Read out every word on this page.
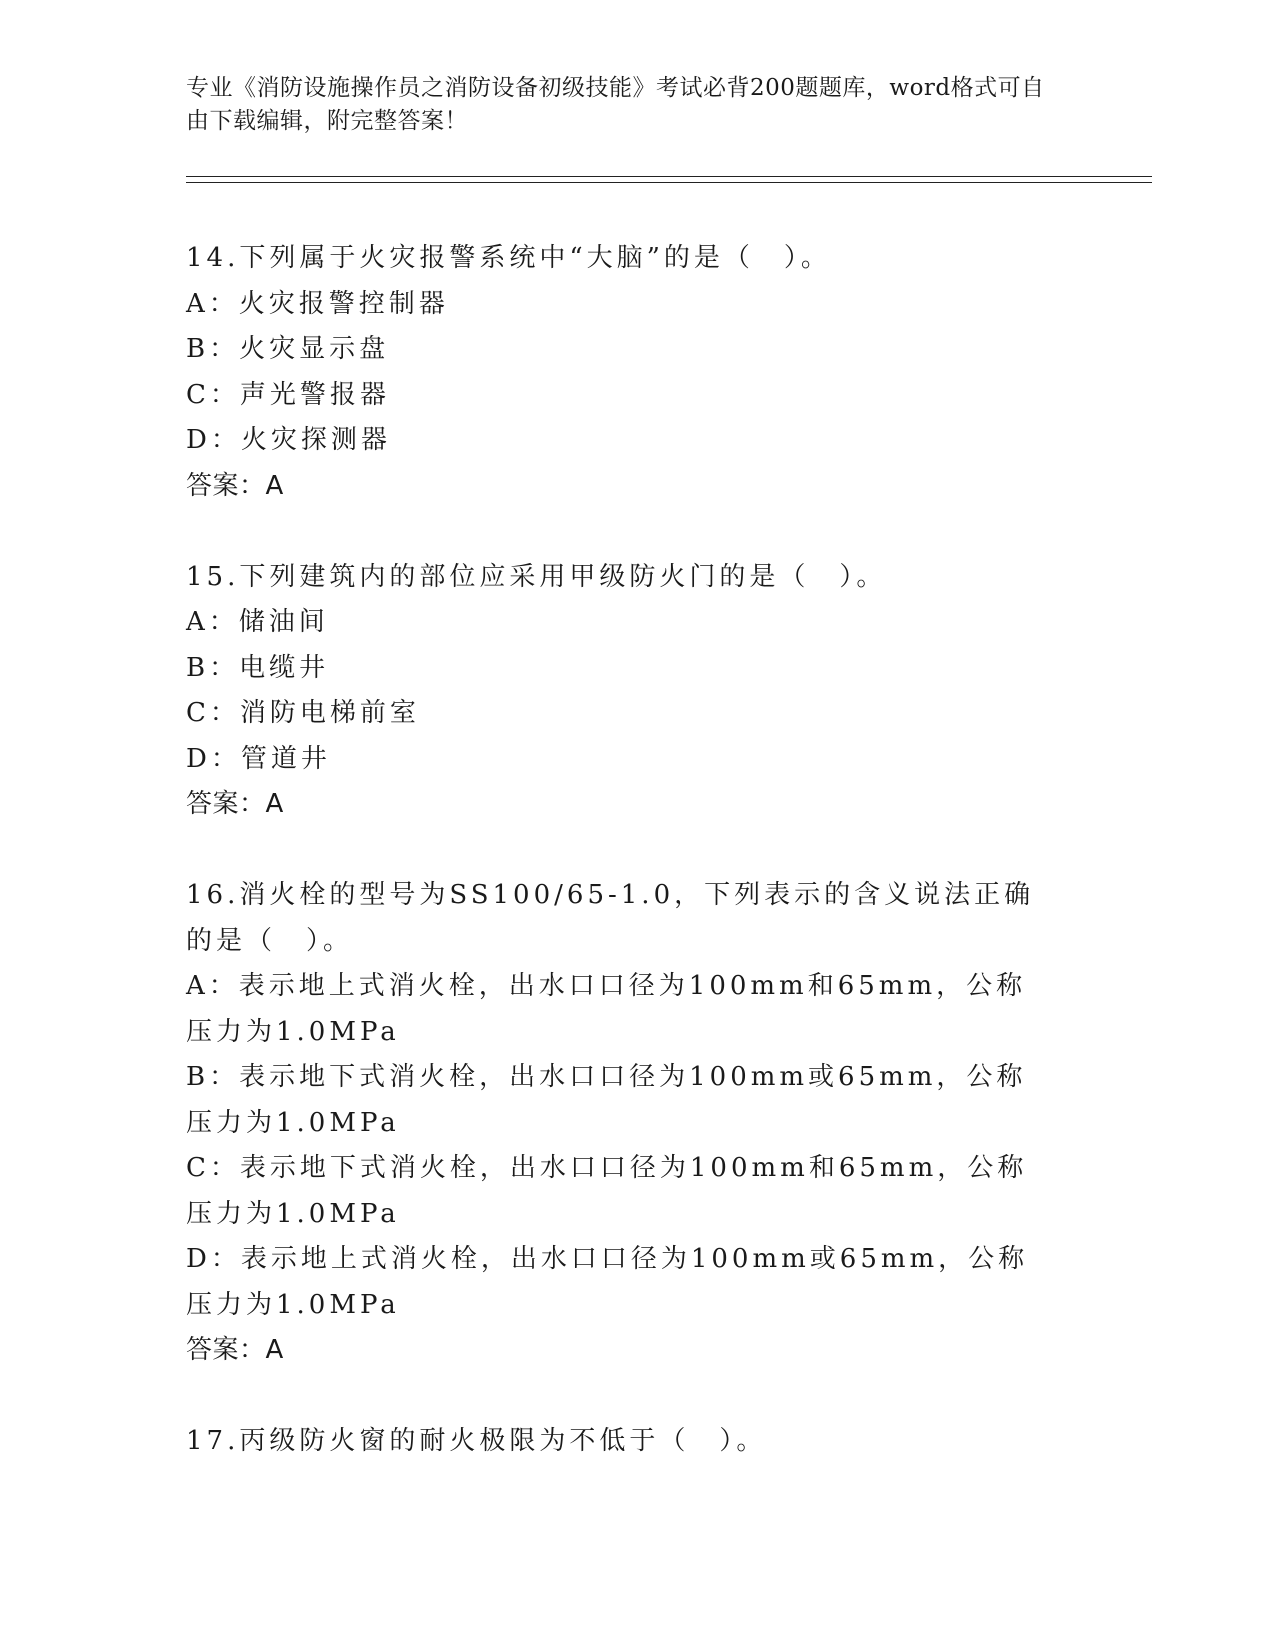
专业《消防设施操作员之消防设备初级技能》考试必背200题题库，word格式可自由下载编辑，附完整答案！

14.下列属于火灾报警系统中“大脑”的是（　）。

A：火灾报警控制器

B：火灾显示盘

C：声光警报器

D：火灾探测器

答案：A

15.下列建筑内的部位应采用甲级防火门的是（　）。

A：储油间

B：电缆井

C：消防电梯前室

D：管道井

答案：A

16.消火栓的型号为SS100/65-1.0，下列表示的含义说法正确的是（　）。

A：表示地上式消火栓，出水口口径为100mm和65mm，公称压力为1.0MPa

B：表示地下式消火栓，出水口口径为100mm或65mm，公称压力为1.0MPa

C：表示地下式消火栓，出水口口径为100mm和65mm，公称压力为1.0MPa

D：表示地上式消火栓，出水口口径为100mm或65mm，公称压力为1.0MPa

答案：A

17.丙级防火窗的耐火极限为不低于（　）。
